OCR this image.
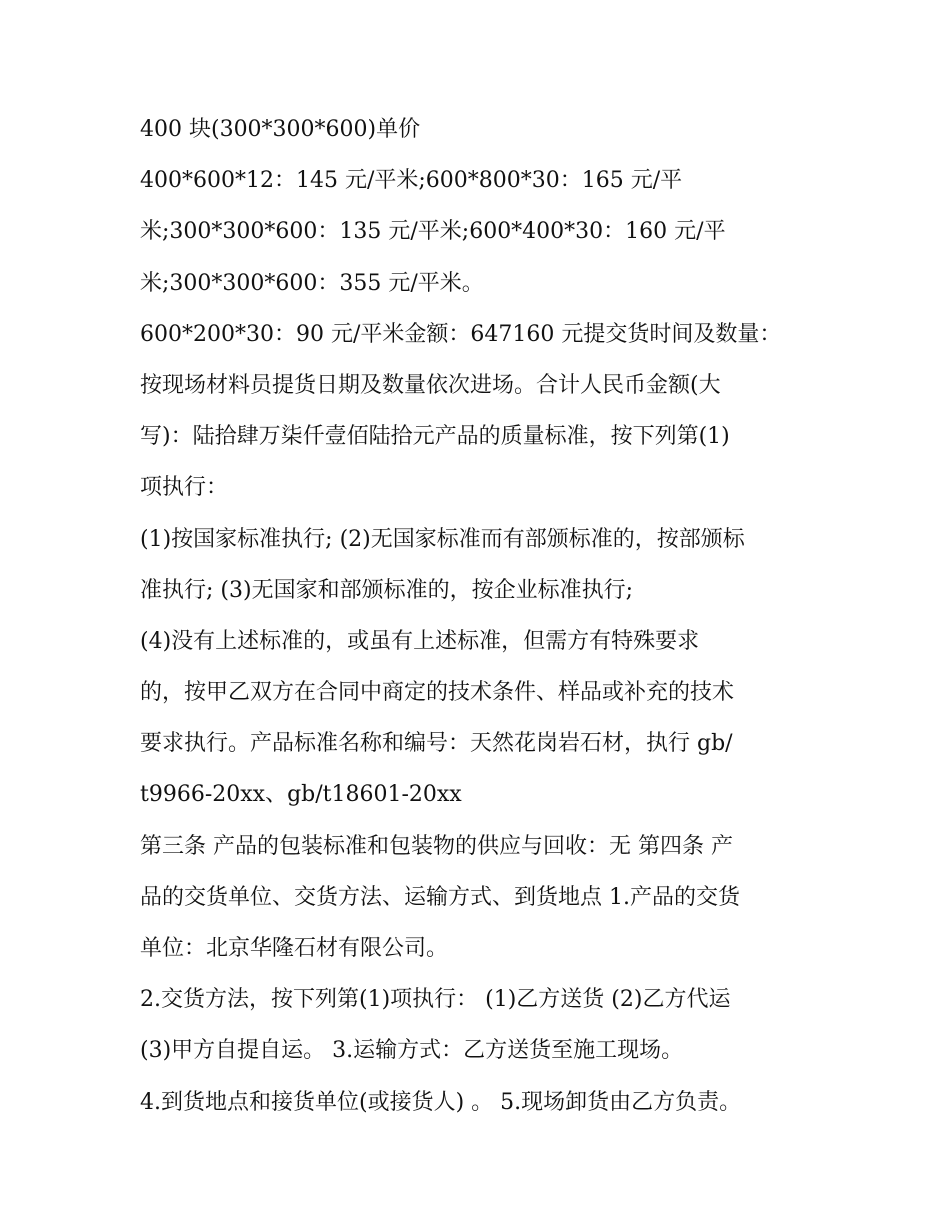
400 块(300*300*600)单价
400*600*12：145 元/平米;600*800*30：165 元/平
米;300*300*600：135 元/平米;600*400*30：160 元/平
米;300*300*600：355 元/平米。
600*200*30：90 元/平米金额：647160 元提交货时间及数量：
按现场材料员提货日期及数量依次进场。合计人民币金额(大
写)：陆拾肆万柒仟壹佰陆拾元产品的质量标准，按下列第(1)
项执行：
(1)按国家标准执行; (2)无国家标准而有部颁标准的，按部颁标
准执行; (3)无国家和部颁标准的，按企业标准执行;
(4)没有上述标准的，或虽有上述标准，但需方有特殊要求
的，按甲乙双方在合同中商定的技术条件、样品或补充的技术
要求执行。产品标准名称和编号：天然花岗岩石材，执行 gb/
t9966-20xx、gb/t18601-20xx
第三条 产品的包装标准和包装物的供应与回收：无 第四条 产
品的交货单位、交货方法、运输方式、到货地点 1.产品的交货
单位：北京华隆石材有限公司。
2.交货方法，按下列第(1)项执行： (1)乙方送货 (2)乙方代运
(3)甲方自提自运。 3.运输方式：乙方送货至施工现场。
4.到货地点和接货单位(或接货人) 。 5.现场卸货由乙方负责。
